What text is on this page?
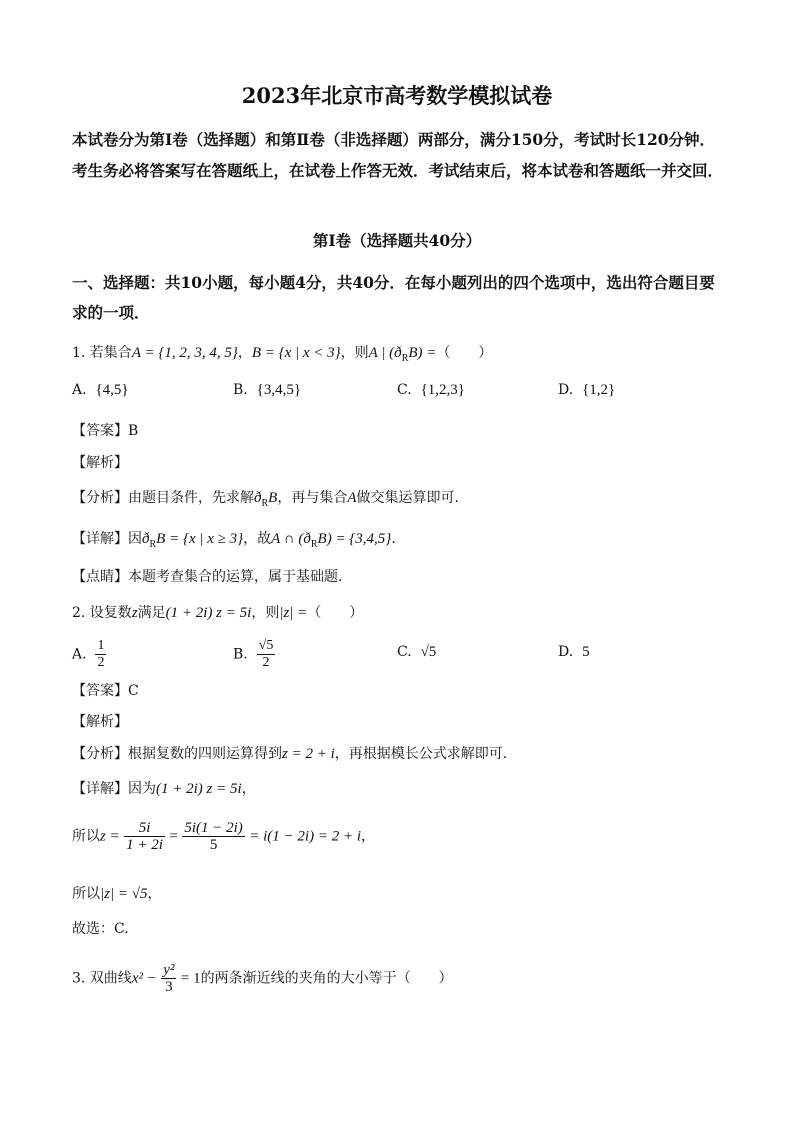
2023年北京市高考数学模拟试卷
本试卷分为第Ⅰ卷（选择题）和第Ⅱ卷（非选择题）两部分，满分150分，考试时长120分钟．考生务必将答案写在答题纸上，在试卷上作答无效．考试结束后，将本试卷和答题纸一并交回．
第Ⅰ卷（选择题共40分）
一、选择题：共10小题，每小题4分，共40分．在每小题列出的四个选项中，选出符合题目要求的一项．
1. 若集合A = {1, 2, 3, 4, 5}，B = {x | x < 3}，则A | $(ð_RB)$ =（　　）
A. {4,5}	B. {3,4,5}	C. {1,2,3}	D. {1,2}
【答案】B
【解析】
【分析】由题目条件，先求解$ð_RB$，再与集合A做交集运算即可.
【详解】因$ð_RB = \{x$ | x ≥ 3}，故A ∩ $(ð_RB) = \{3,4,5\}$．
【点睛】本题考查集合的运算，属于基础题．
2. 设复数z满足(1 + 2i) z = 5i，则|z| =（　　）
A. $\frac{1}{2}$	B. $\frac{√5}{2}$	C. √5	D. 5
【答案】C
【解析】
【分析】根据复数的四则运算得到z = 2 + i，再根据模长公式求解即可.
【详解】因为(1 + 2i) z = 5i，
所以$z = \frac{5i}{1 + 2i} = \frac{5i(1 - 2i)}{5} = i(1 - 2i) = 2 + i$，
所以|z| = √5，
故选：C.
3. 双曲线$x^2 - \frac{\text{y²}}{3} = 1$的两条渐近线的夹角的大小等于（　　）
